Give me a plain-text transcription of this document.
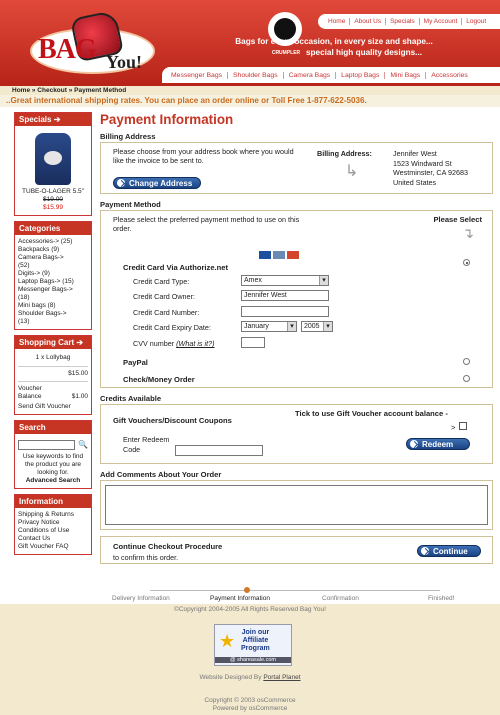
BAG You!	CRUMPLER
Home	About Us	Specials	My Account	Logout
Bags for every occasion, in every size and shape...
special high quality designs...
Messenger Bags	Shoulder Bags	Camera Bags	Laptop Bags	Mini Bags	Accessories
Home » Checkout » Payment Method
..Great international shipping rates. You can place an order online or Toll Free 1-877-622-5036.
Specials ➔
TUBE-O-LAGER 5.5"
$19.00
$15.99
Categories
Accessories-> (25)
Backpacks (9)
Camera Bags->
(52)
Digits-> (9)
Laptop Bags-> (15)
Messenger Bags->
(18)
Mini bags (8)
Shoulder Bags->
(13)
Shopping Cart ➔
1 x Lollybag
$15.00
Voucher
Balance	$1.00
Send Gift Voucher
Search
🔍
Use keywords to find the product you are looking for.
Advanced Search
Information
Shipping & Returns
Privacy Notice
Conditions of Use
Contact Us
Gift Voucher FAQ
Payment Information
Billing Address
Please choose from your address book where you would like the invoice to be sent to.
Change Address
Billing Address:
↳
Jennifer West
1523 Windward St
Westminster, CA 92683
United States
Payment Method
Please select the preferred payment method to use on this order.
Please Select
↴
Credit Card Via Authorize.net
Credit Card Type:	Amex ▾
Credit Card Owner:	Jennifer West
Credit Card Number:
Credit Card Expiry Date:	January ▾	2005 ▾
CVV number (What is it?)
PayPal
Check/Money Order
Credits Available
Gift Vouchers/Discount Coupons
Tick to use Gift Voucher account balance -
>
Enter Redeem
Code
Redeem
Add Comments About Your Order
Continue Checkout Procedure
to confirm this order.
Continue
Delivery Information	Payment Information	Confirmation	Finished!
©Copyright 2004-2005 All Rights Reserved Bag You!
Website Designed By Portal Planet
Copyright © 2003 osCommerce
Powered by osCommerce
★ Join our
Affiliate
Program
@ shareasale.com
